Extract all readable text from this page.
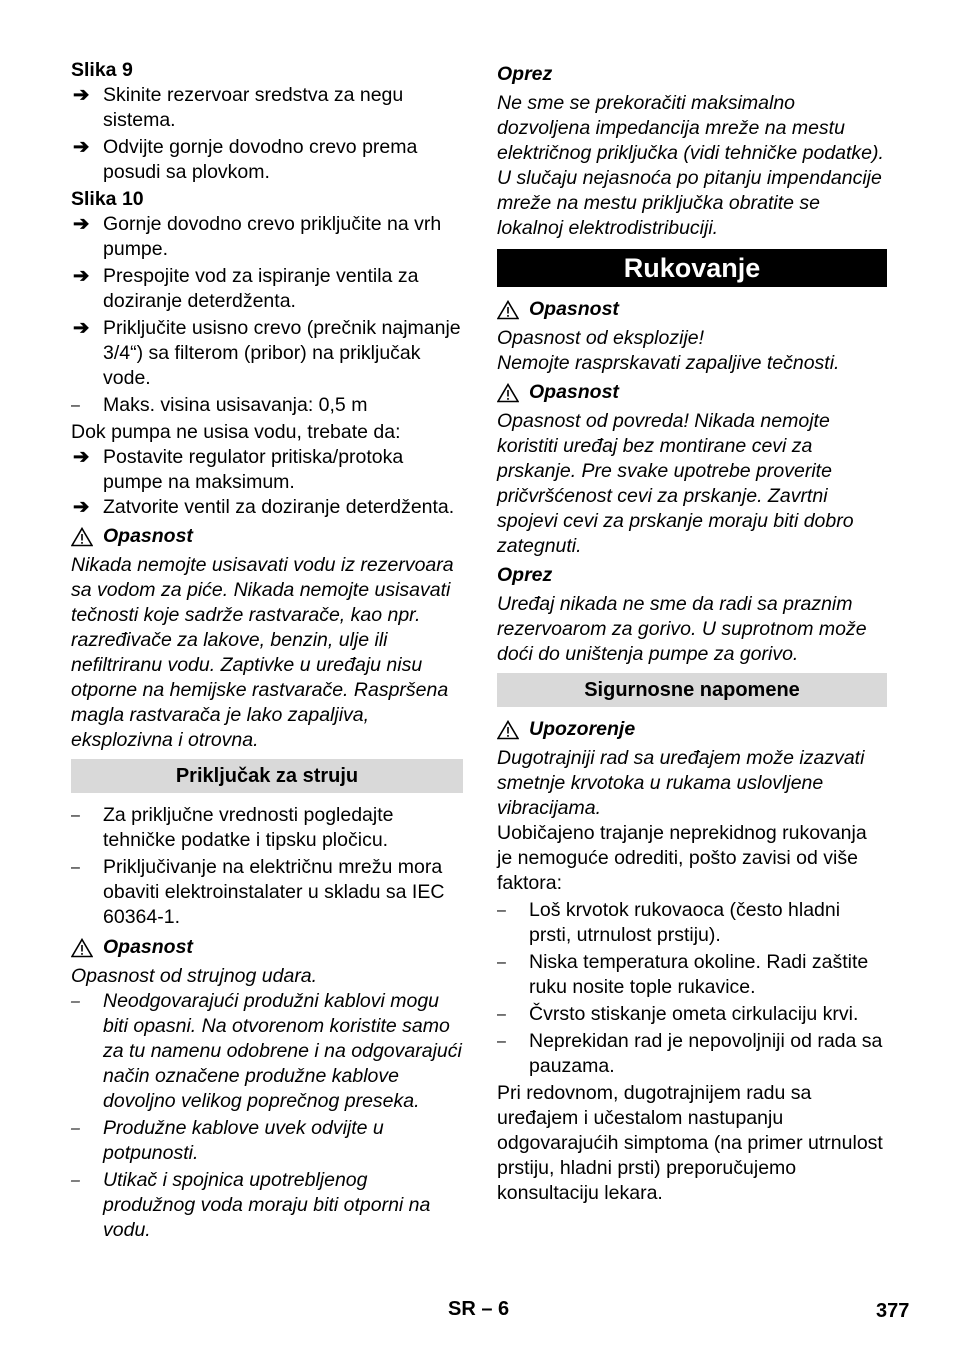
Slika 9
➔ Skinite rezervoar sredstva za negu sistema.
➔ Odvijte gornje dovodno crevo prema posudi sa plovkom.
Slika 10
➔ Gornje dovodno crevo priključite na vrh pumpe.
➔ Prespojite vod za ispiranje ventila za doziranje deterdženta.
➔ Priključite usisno crevo (prečnik najmanje 3/4“) sa filterom (pribor) na priključak vode.
– Maks. visina usisavanja: 0,5 m
Dok pumpa ne usisa vodu, trebate da:
➔ Postavite regulator pritiska/protoka pumpe na maksimum.
➔ Zatvorite ventil za doziranje deterdženta.
Opasnost
Nikada nemojte usisavati vodu iz rezervoara sa vodom za piće. Nikada nemojte usisavati tečnosti koje sadrže rastvarače, kao npr. razređivače za lakove, benzin, ulje ili nefiltriranu vodu. Zaptivke u uređaju nisu otporne na hemijske rastvarače. Raspršena magla rastvarača je lako zapaljiva, eksplozivna i otrovna.
Priključak za struju
– Za priključne vrednosti pogledajte tehničke podatke i tipsku pločicu.
– Priključivanje na električnu mrežu mora obaviti elektroinstalater u skladu sa IEC 60364-1.
Opasnost
Opasnost od strujnog udara.
– Neodgovarajući produžni kablovi mogu biti opasni. Na otvorenom koristite samo za tu namenu odobrene i na odgovarajući način označene produžne kablove dovoljno velikog poprečnog preseka.
– Produžne kablove uvek odvijte u potpunosti.
– Utikač i spojnica upotrebljenog produžnog voda moraju biti otporni na vodu.
Oprez
Ne sme se prekoračiti maksimalno dozvoljena impedancija mreže na mestu električnog priključka (vidi tehničke podatke). U slučaju nejasnoća po pitanju impendancije mreže na mestu priključka obratite se lokalnoj elektrodistribuciji.
Rukovanje
Opasnost
Opasnost od eksplozije!
Nemojte rasprskavati zapaljive tečnosti.
Opasnost
Opasnost od povreda! Nikada nemojte koristiti uređaj bez montirane cevi za prskanje. Pre svake upotrebe proverite pričvršćenost cevi za prskanje. Zavrtni spojevi cevi za prskanje moraju biti dobro zategnuti.
Oprez
Uređaj nikada ne sme da radi sa praznim rezervoarom za gorivo. U suprotnom može doći do uništenja pumpe za gorivo.
Sigurnosne napomene
Upozorenje
Dugotrajniji rad sa uređajem može izazvati smetnje krvotoka u rukama uslovljene vibracijama.
Uobičajeno trajanje neprekidnog rukovanja je nemoguće odrediti, pošto zavisi od više faktora:
– Loš krvotok rukovaoca (često hladni prsti, utrnulost prstiju).
– Niska temperatura okoline. Radi zaštite ruku nosite tople rukavice.
– Čvrsto stiskanje ometa cirkulaciju krvi.
– Neprekidan rad je nepovoljniji od rada sa pauzama.
Pri redovnom, dugotrajnijem radu sa uređajem i učestalom nastupanju odgovarajućih simptoma (na primer utrnulost prstiju, hladni prsti) preporučujemo konsultaciju lekara.
SR – 6	377
